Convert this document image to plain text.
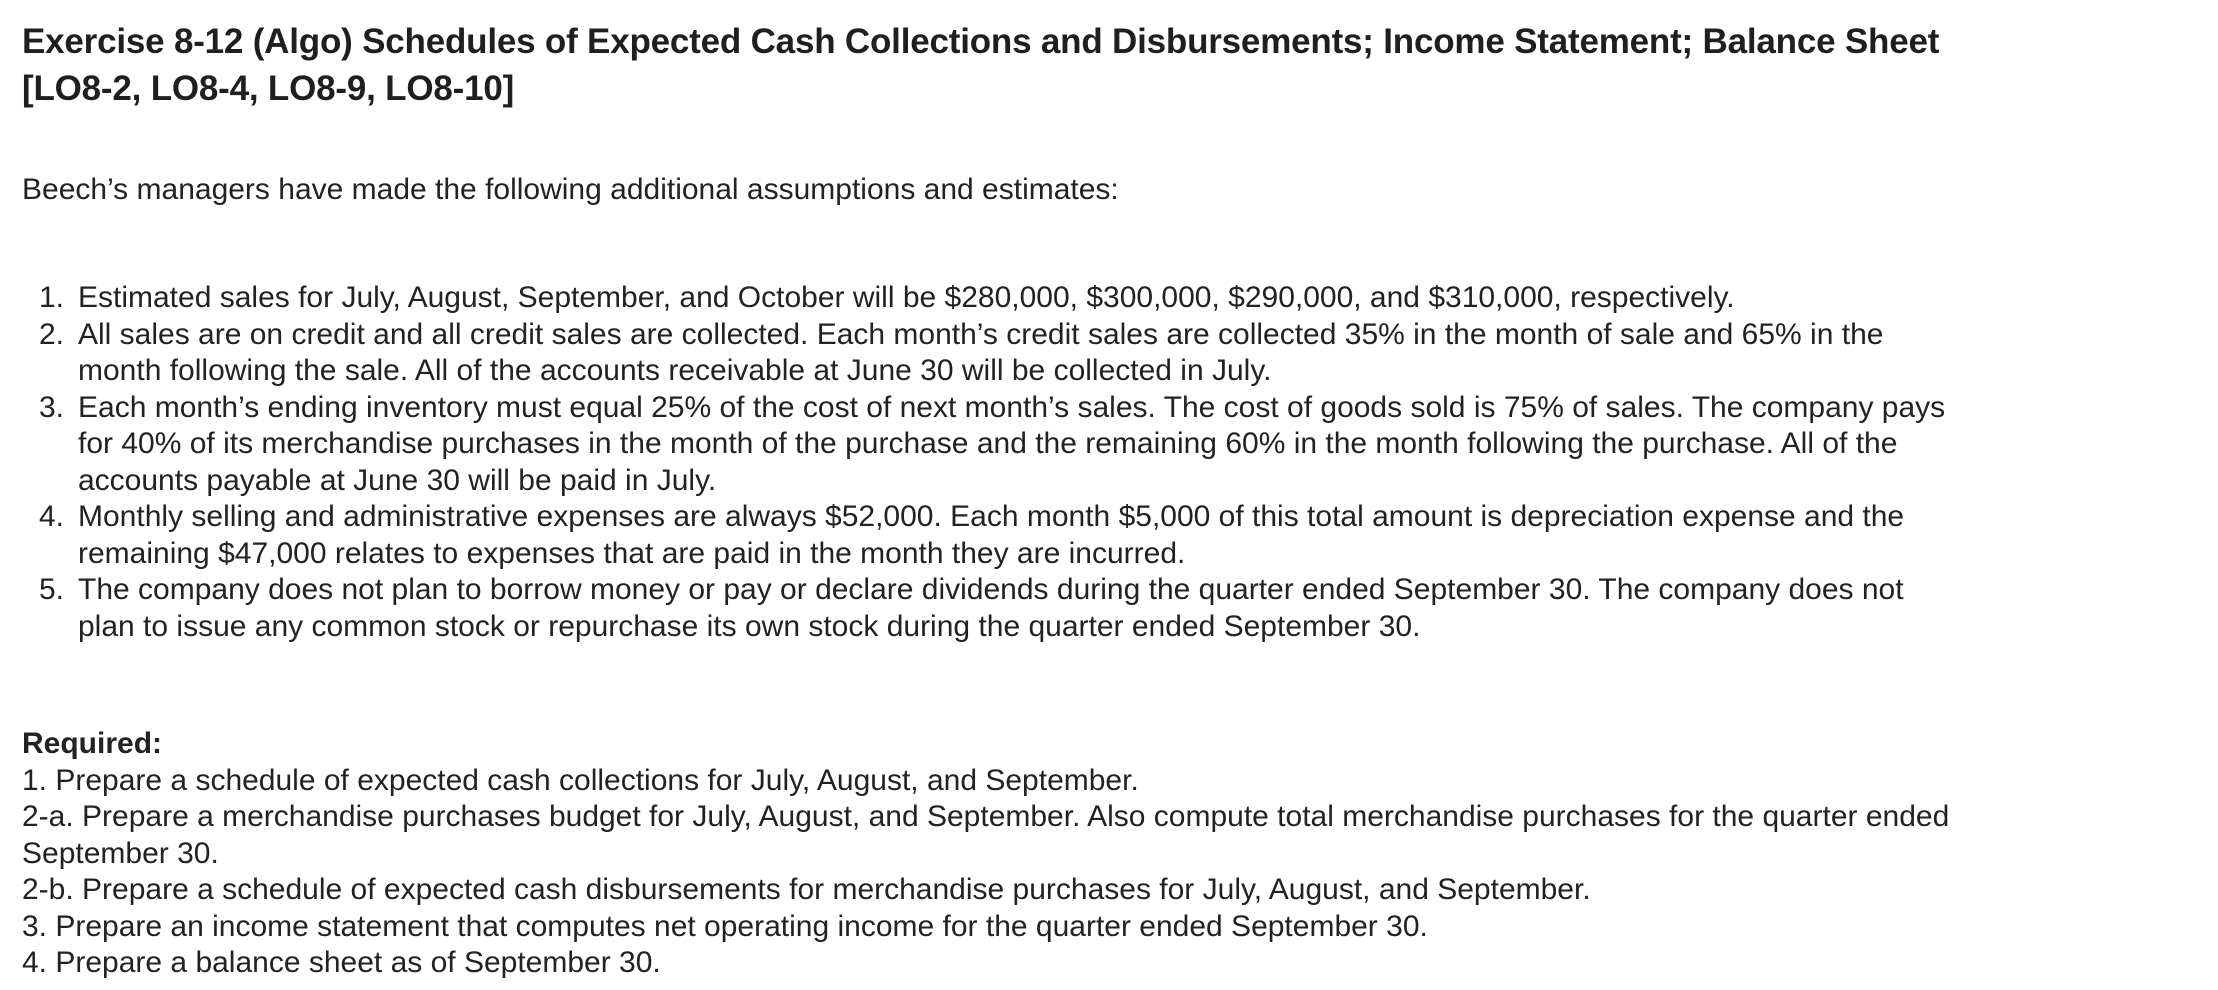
Exercise 8-12 (Algo) Schedules of Expected Cash Collections and Disbursements; Income Statement; Balance Sheet [LO8-2, LO8-4, LO8-9, LO8-10]

Beech’s managers have made the following additional assumptions and estimates:

1. Estimated sales for July, August, September, and October will be $280,000, $300,000, $290,000, and $310,000, respectively.
2. All sales are on credit and all credit sales are collected. Each month’s credit sales are collected 35% in the month of sale and 65% in the month following the sale. All of the accounts receivable at June 30 will be collected in July.
3. Each month’s ending inventory must equal 25% of the cost of next month’s sales. The cost of goods sold is 75% of sales. The company pays for 40% of its merchandise purchases in the month of the purchase and the remaining 60% in the month following the purchase. All of the accounts payable at June 30 will be paid in July.
4. Monthly selling and administrative expenses are always $52,000. Each month $5,000 of this total amount is depreciation expense and the remaining $47,000 relates to expenses that are paid in the month they are incurred.
5. The company does not plan to borrow money or pay or declare dividends during the quarter ended September 30. The company does not plan to issue any common stock or repurchase its own stock during the quarter ended September 30.

Required:

1. Prepare a schedule of expected cash collections for July, August, and September.

2-a. Prepare a merchandise purchases budget for July, August, and September. Also compute total merchandise purchases for the quarter ended September 30.

2-b. Prepare a schedule of expected cash disbursements for merchandise purchases for July, August, and September.

3. Prepare an income statement that computes net operating income for the quarter ended September 30.

4. Prepare a balance sheet as of September 30.
